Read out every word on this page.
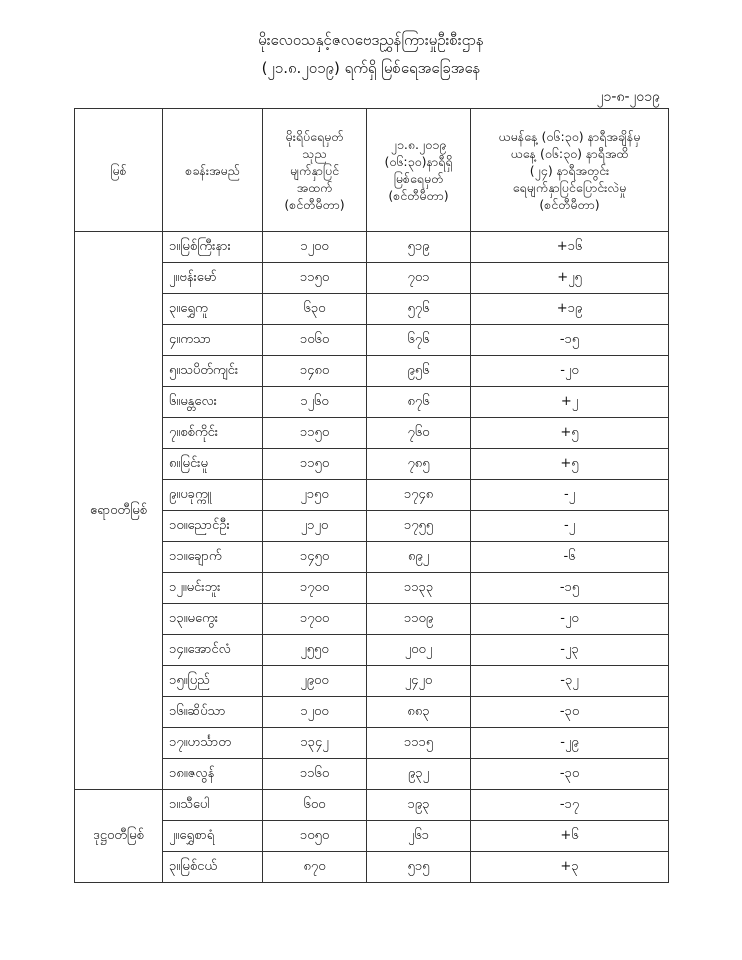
မိုးလေဝသနှင့်ဇလဗေဒညွှန်ကြားမှုဦးစီးဌာန
(၂၁.၈.၂၀၁၉) ရက်ရှိ မြစ်ရေအခြေအနေ
၂၁-၈-၂၀၁၉
မြစ်	စခန်းအမည်	မိုးရိပ်ရေမှတ်
သုည
မျက်နှာပြင်
အထက်
(စင်တီမီတာ)	၂၁.၈.၂၀၁၉
(၀၆:၃၀)နာရီရှိ
မြစ်ရေမှတ်
(စင်တီမီတာ)	ယမန်နေ့ (၀၆:၃၀) နာရီအချိန်မှ
ယနေ့ (၀၆:၃၀) နာရီအထိ
(၂၄) နာရီအတွင်း
ရေမျက်နှာပြင်ပြောင်းလဲမှု
(စင်တီမီတာ)

ဧရာဝတီမြစ်	၁။မြစ်ကြီးနား	၁၂၀၀	၅၁၉	+၁၆
	၂။ဗန်းမော်	၁၁၅၀	၇၀၁	+၂၅
	၃။ရွှေကူ	၆၃၀	၅၇၆	+၁၉
	၄။ကသာ	၁၀၆၀	၆၇၆	-၁၅
	၅။သပိတ်ကျင်း	၁၄၈၀	၉၅၆	-၂၀
	၆။မန္တလေး	၁၂၆၀	၈၇၆	+၂
	၇။စစ်ကိုင်း	၁၁၅၀	၇၆၀	+၅
	၈။မြင်းမူ	၁၁၅၀	၇၈၅	+၅
	၉။ပခုက္ကူ	၂၁၅၀	၁၇၄၈	-၂
	၁၀။ညောင်ဦး	၂၁၂၀	၁၇၅၅	-၂
	၁၁။ချောက်	၁၄၅၀	၈၉၂	-၆
	၁၂။မင်းဘူး	၁၇၀၀	၁၁၃၃	-၁၅
	၁၃။မကွေး	၁၇၀၀	၁၁၀၉	-၂၀
	၁၄။အောင်လံ	၂၅၅၀	၂၀၀၂	-၂၃
	၁၅။ပြည်	၂၉၀၀	၂၄၂၀	-၃၂
	၁၆။ဆိပ်သာ	၁၂၀၀	၈၈၃	-၃၀
	၁၇။ဟင်္သာတ	၁၃၄၂	၁၁၁၅	-၂၉
	၁၈။ဇလွန်	၁၁၆၀	၉၃၂	-၃၀
ဒုဋ္ဌဝတီမြစ်	၁။သီပေါ	၆၀၀	၁၉၃	-၁၇
	၂။ရွှေစာရံ	၁၀၅၀	၂၆၁	+၆
	၃။မြစ်ငယ်	၈၇၀	၅၁၅	+၃
